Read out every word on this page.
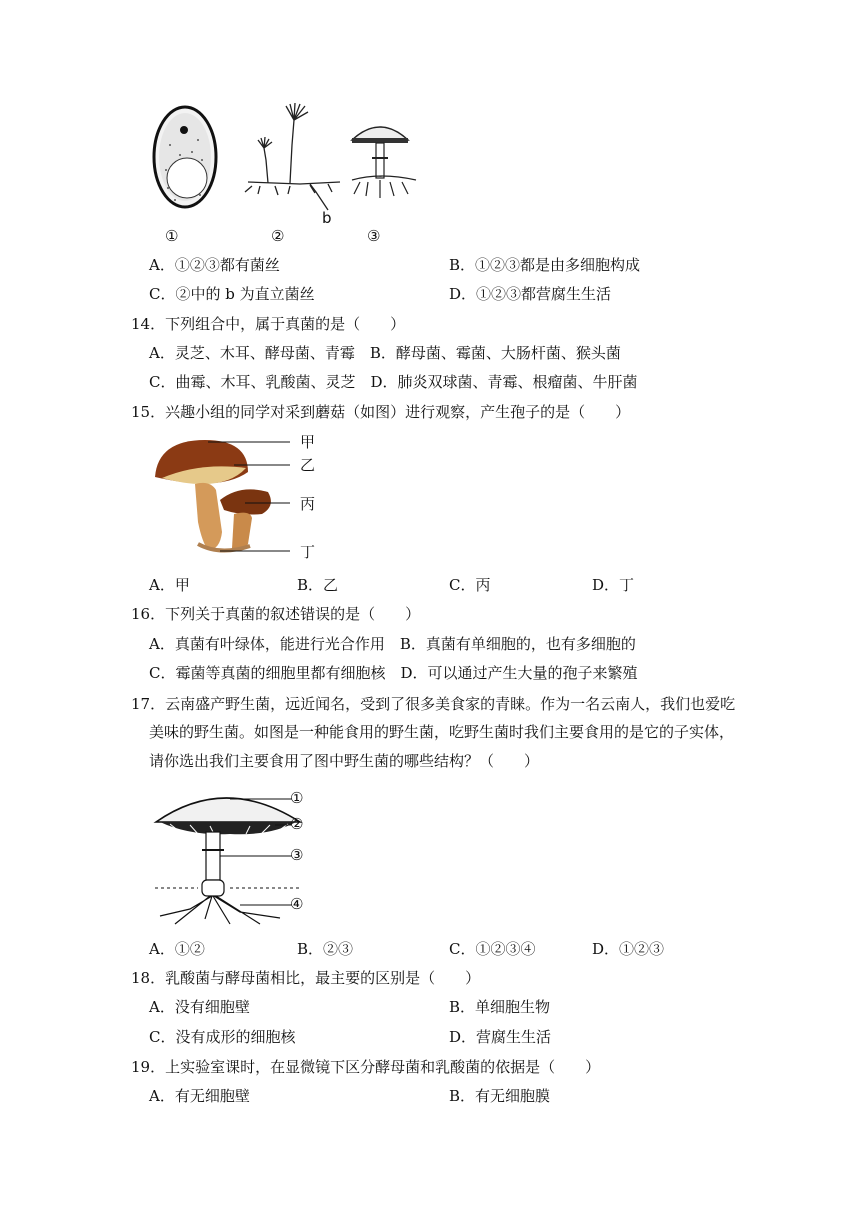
①	②	③
b
A．①②③都有菌丝	B．①②③都是由多细胞构成
C．②中的 b 为直立菌丝	D．①②③都营腐生生活
14．下列组合中，属于真菌的是（　　）
A．灵芝、木耳、酵母菌、青霉　B．酵母菌、霉菌、大肠杆菌、猴头菌
C．曲霉、木耳、乳酸菌、灵芝　D．肺炎双球菌、青霉、根瘤菌、牛肝菌
15．兴趣小组的同学对采到蘑菇（如图）进行观察，产生孢子的是（　　）
甲
乙
丙
丁
A．甲	B．乙	C．丙	D．丁
16．下列关于真菌的叙述错误的是（　　）
A．真菌有叶绿体，能进行光合作用　B．真菌有单细胞的，也有多细胞的
C．霉菌等真菌的细胞里都有细胞核　D．可以通过产生大量的孢子来繁殖
17．云南盛产野生菌，远近闻名，受到了很多美食家的青睐。作为一名云南人，我们也爱吃
美味的野生菌。如图是一种能食用的野生菌，吃野生菌时我们主要食用的是它的子实体，
请你选出我们主要食用了图中野生菌的哪些结构？（　　）
①
②
③
④
A．①②	B．②③	C．①②③④	D．①②③
18．乳酸菌与酵母菌相比，最主要的区别是（　　）
A．没有细胞壁	B．单细胞生物
C．没有成形的细胞核	D．营腐生生活
19．上实验室课时，在显微镜下区分酵母菌和乳酸菌的依据是（　　）
A．有无细胞壁	B．有无细胞膜
